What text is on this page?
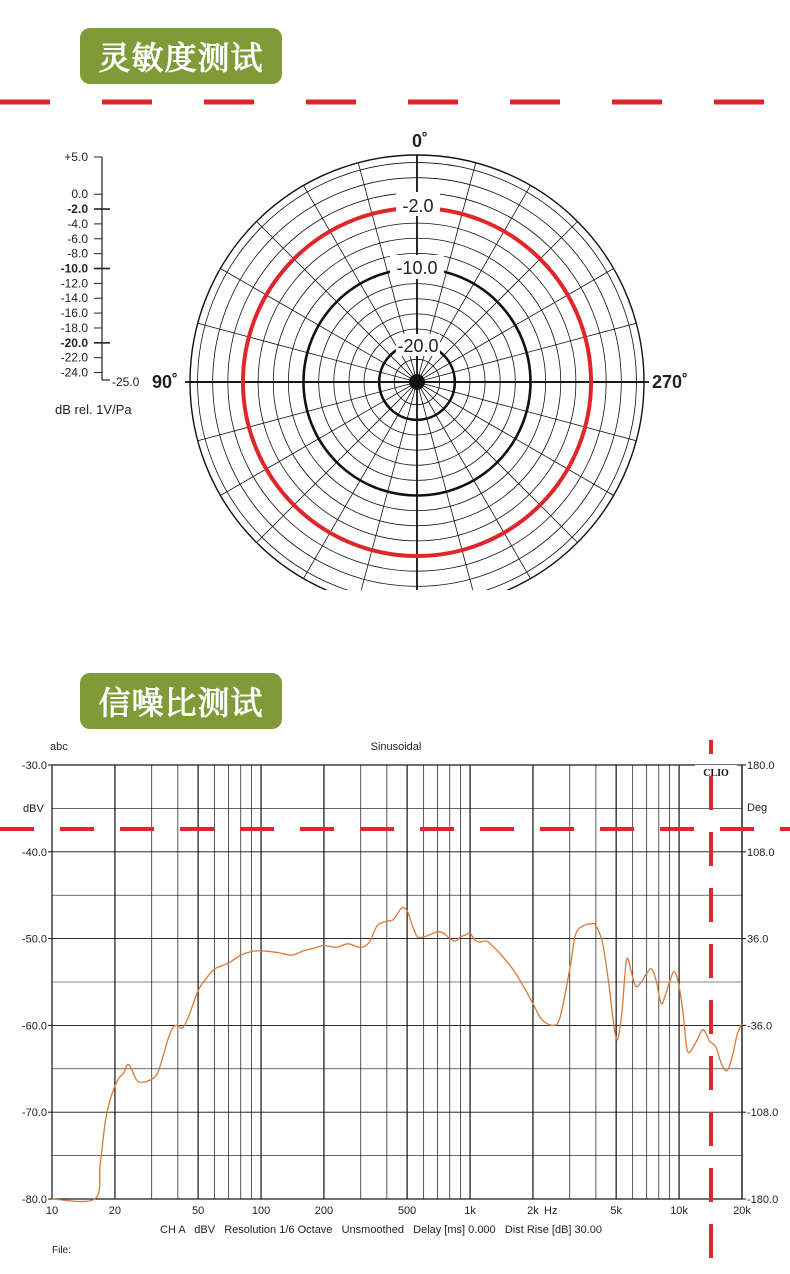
灵敏度测试
信噪比测试
-25.0
dB rel. 1V/Pa
+5.0
0.0
-2.0
-4.0
-6.0
-8.0
-10.0
-12.0
-14.0
-16.0
-18.0
-20.0
-22.0
-24.0
-2.0
-10.0
-20.0
0˚
90˚	270˚
abc	Sinusoidal
dBV	Deg
-30.0
-40.0
-50.0
-60.0
-70.0
-80.0
180.0
108.0
36.0
-36.0
-108.0
-180.0
10	20	50	100	200	500	1k	2k	5k	10k	20k
Hz
CLIO
CH A   dBV   Resolution 1/6 Octave   Unsmoothed   Delay [ms] 0.000   Dist Rise [dB] 30.00
File:
